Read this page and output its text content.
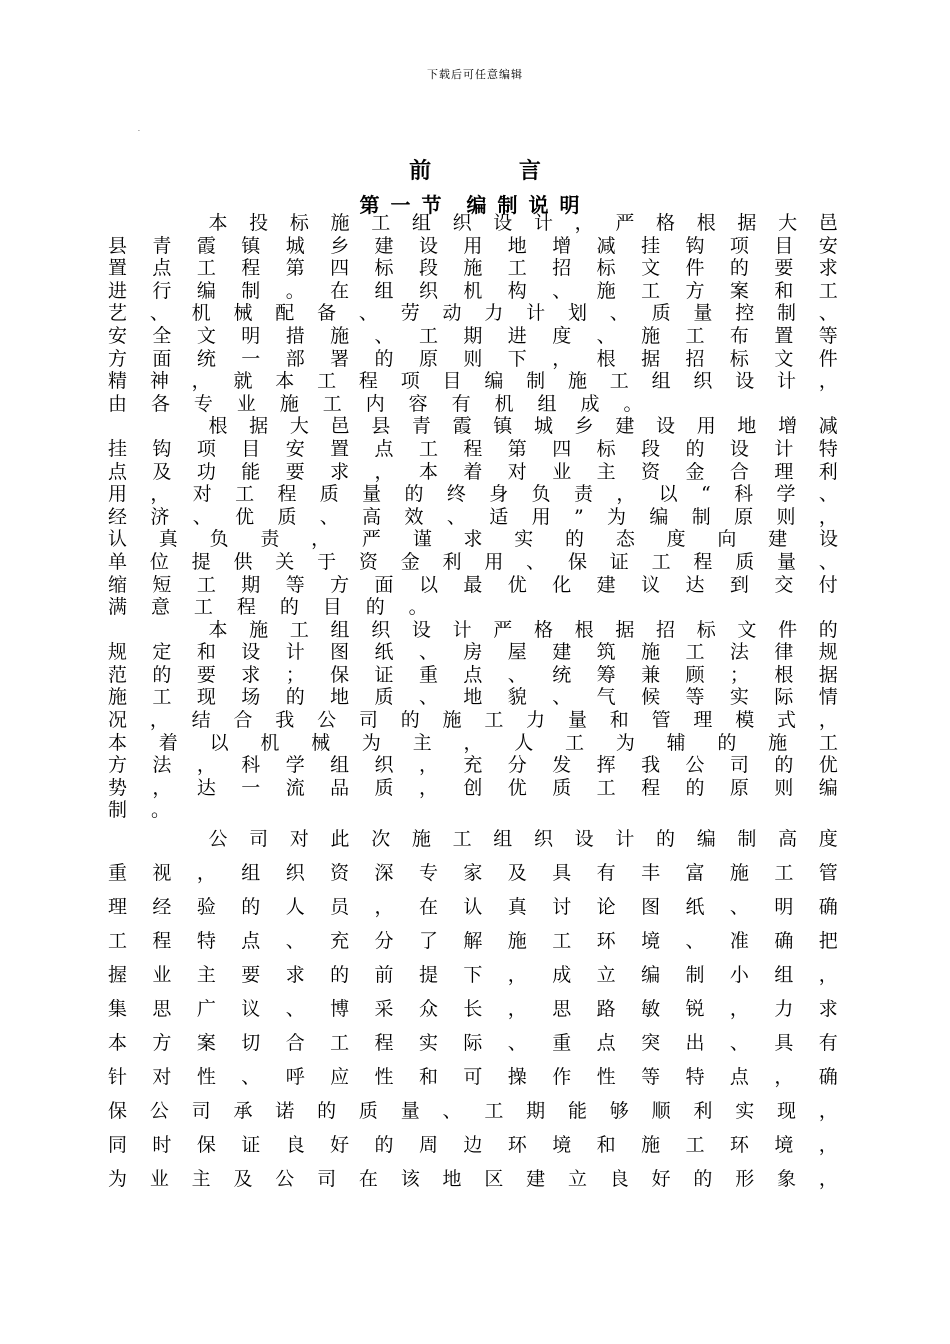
下载后可任意编辑
.
前 言
第一节 编制说明
本 投 标 施 工 组 织 设 计 ， 严 格 根 据 大 邑
县 青 霞 镇 城 乡 建 设 用 地 增 减 挂 钩 项 目 安
置 点 工 程 第 四 标 段 施 工 招 标 文 件 的 要 求
进 行 编 制 。 在 组 织 机 构 、 施 工 方 案 和 工
艺 、 机 械 配 备 、 劳 动 力 计 划 、 质 量 控 制 、
安 全 文 明 措 施 、 工 期 进 度 、 施 工 布 置 等
方 面 统 一 部 署 的 原 则 下 ， 根 据 招 标 文 件
精 神 ， 就 本 工 程 项 目 编 制 施 工 组 织 设 计 ，
由 各 专 业 施 工 内 容 有 机 组 成 。
根 据 大 邑 县 青 霞 镇 城 乡 建 设 用 地 增 减
挂 钩 项 目 安 置 点 工 程 第 四 标 段 的 设 计 特
点 及 功 能 要 求 ， 本 着 对 业 主 资 金 合 理 利
用 ， 对 工 程 质 量 的 终 身 负 责 ， 以 “ 科 学 、
经 济 、 优 质 、 高 效 、 适 用 ” 为 编 制 原 则 ，
认 真 负 责 ， 严 谨 求 实 的 态 度 向 建 设
单 位 提 供 关 于 资 金 利 用 、 保 证 工 程 质 量 、
缩 短 工 期 等 方 面 以 最 优 化 建 议 达 到 交 付
满 意 工 程 的 目 的 。
本 施 工 组 织 设 计 严 格 根 据 招 标 文 件 的
规 定 和 设 计 图 纸 、 房 屋 建 筑 施 工 法 律 规
范 的 要 求 ； 保 证 重 点 、 统 筹 兼 顾 ； 根 据
施 工 现 场 的 地 质 、 地 貌 、 气 候 等 实 际 情
况 ， 结 合 我 公 司 的 施 工 力 量 和 管 理 模 式 ，
本 着 以 机 械 为 主 ， 人 工 为 辅 的 施 工
方 法 ， 科 学 组 织 ， 充 分 发 挥 我 公 司 的 优
势 ， 达 一 流 品 质 ， 创 优 质 工 程 的 原 则 编
制 。
公 司 对 此 次 施 工 组 织 设 计 的 编 制 高 度
重 视 ， 组 织 资 深 专 家 及 具 有 丰 富 施 工 管
理 经 验 的 人 员 ， 在 认 真 讨 论 图 纸 、 明 确
工 程 特 点 、 充 分 了 解 施 工 环 境 、 准 确 把
握 业 主 要 求 的 前 提 下 ， 成 立 编 制 小 组 ，
集 思 广 议 、 博 采 众 长 ， 思 路 敏 锐 ， 力 求
本 方 案 切 合 工 程 实 际 、 重 点 突 出 、 具 有
针 对 性 、 呼 应 性 和 可 操 作 性 等 特 点 ， 确
保 公 司 承 诺 的 质 量 、 工 期 能 够 顺 利 实 现 ，
同 时 保 证 良 好 的 周 边 环 境 和 施 工 环 境 ，
为 业 主 及 公 司 在 该 地 区 建 立 良 好 的 形 象 ，
